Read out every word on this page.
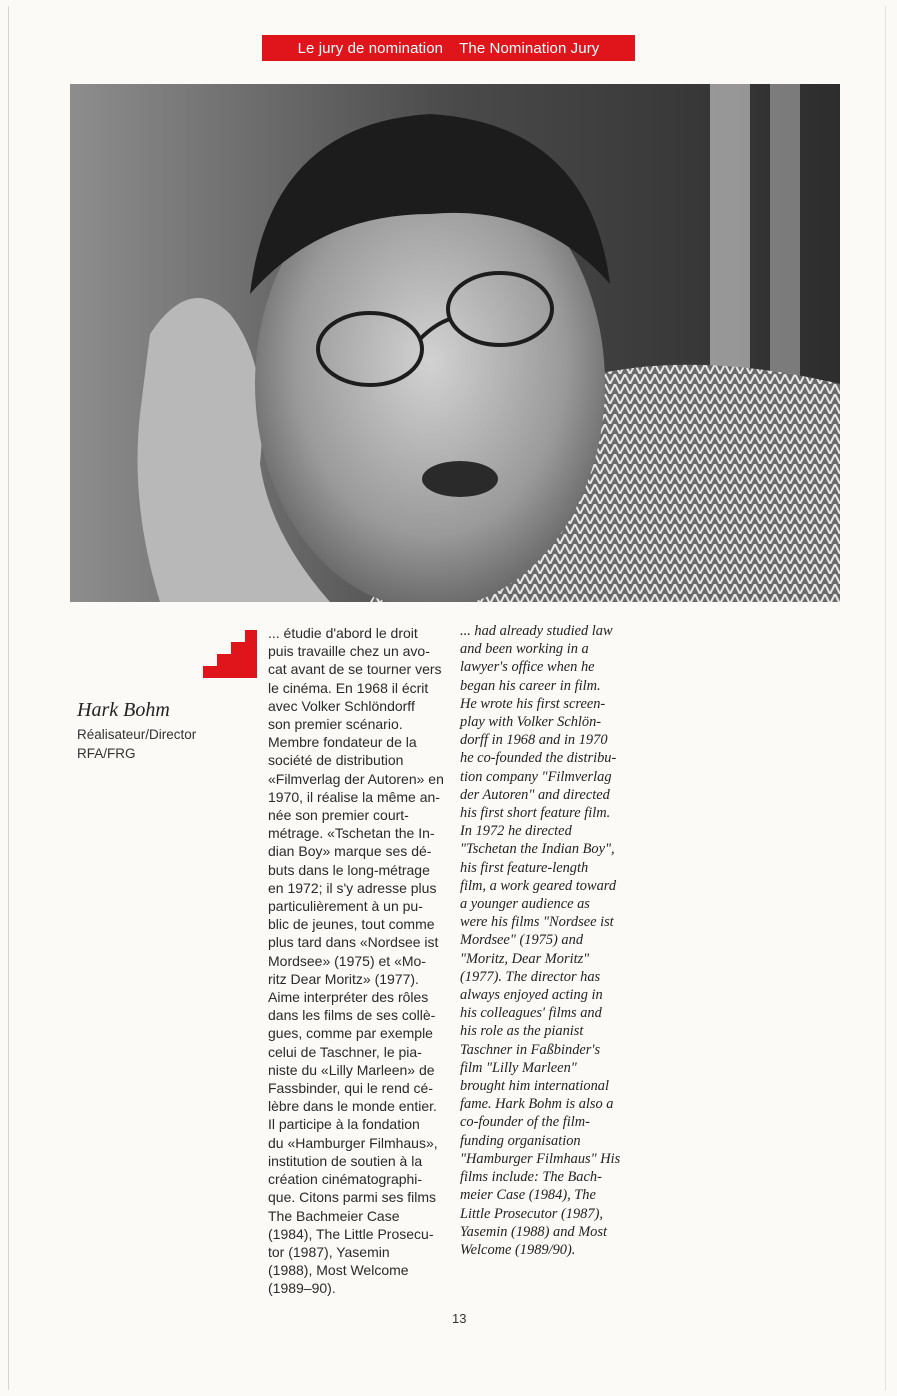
Le jury de nomination The Nomination Jury
Hark Bohm
Réalisateur/Director
RFA/FRG
... étudie d'abord le droit
puis travaille chez un avo-
cat avant de se tourner vers
le cinéma. En 1968 il écrit
avec Volker Schlöndorff
son premier scénario.
Membre fondateur de la
société de distribution
«Filmverlag der Autoren» en
1970, il réalise la même an-
née son premier court-
métrage. «Tschetan the In-
dian Boy» marque ses dé-
buts dans le long-métrage
en 1972; il s'y adresse plus
particulièrement à un pu-
blic de jeunes, tout comme
plus tard dans «Nordsee ist
Mordsee» (1975) et «Mo-
ritz Dear Moritz» (1977).
Aime interpréter des rôles
dans les films de ses collè-
gues, comme par exemple
celui de Taschner, le pia-
niste du «Lilly Marleen» de
Fassbinder, qui le rend cé-
lèbre dans le monde entier.
Il participe à la fondation
du «Hamburger Filmhaus»,
institution de soutien à la
création cinématographi-
que. Citons parmi ses films
The Bachmeier Case
(1984), The Little Prosecu-
tor (1987), Yasemin
(1988), Most Welcome
(1989–90).
... had already studied law
and been working in a
lawyer's office when he
began his career in film.
He wrote his first screen-
play with Volker Schlön-
dorff in 1968 and in 1970
he co-founded the distribu-
tion company "Filmverlag
der Autoren" and directed
his first short feature film.
In 1972 he directed
"Tschetan the Indian Boy",
his first feature-length
film, a work geared toward
a younger audience as
were his films "Nordsee ist
Mordsee" (1975) and
"Moritz, Dear Moritz"
(1977). The director has
always enjoyed acting in
his colleagues' films and
his role as the pianist
Taschner in Faßbinder's
film "Lilly Marleen"
brought him international
fame. Hark Bohm is also a
co-founder of the film-
funding organisation
"Hamburger Filmhaus" His
films include: The Bach-
meier Case (1984), The
Little Prosecutor (1987),
Yasemin (1988) and Most
Welcome (1989/90).
13
